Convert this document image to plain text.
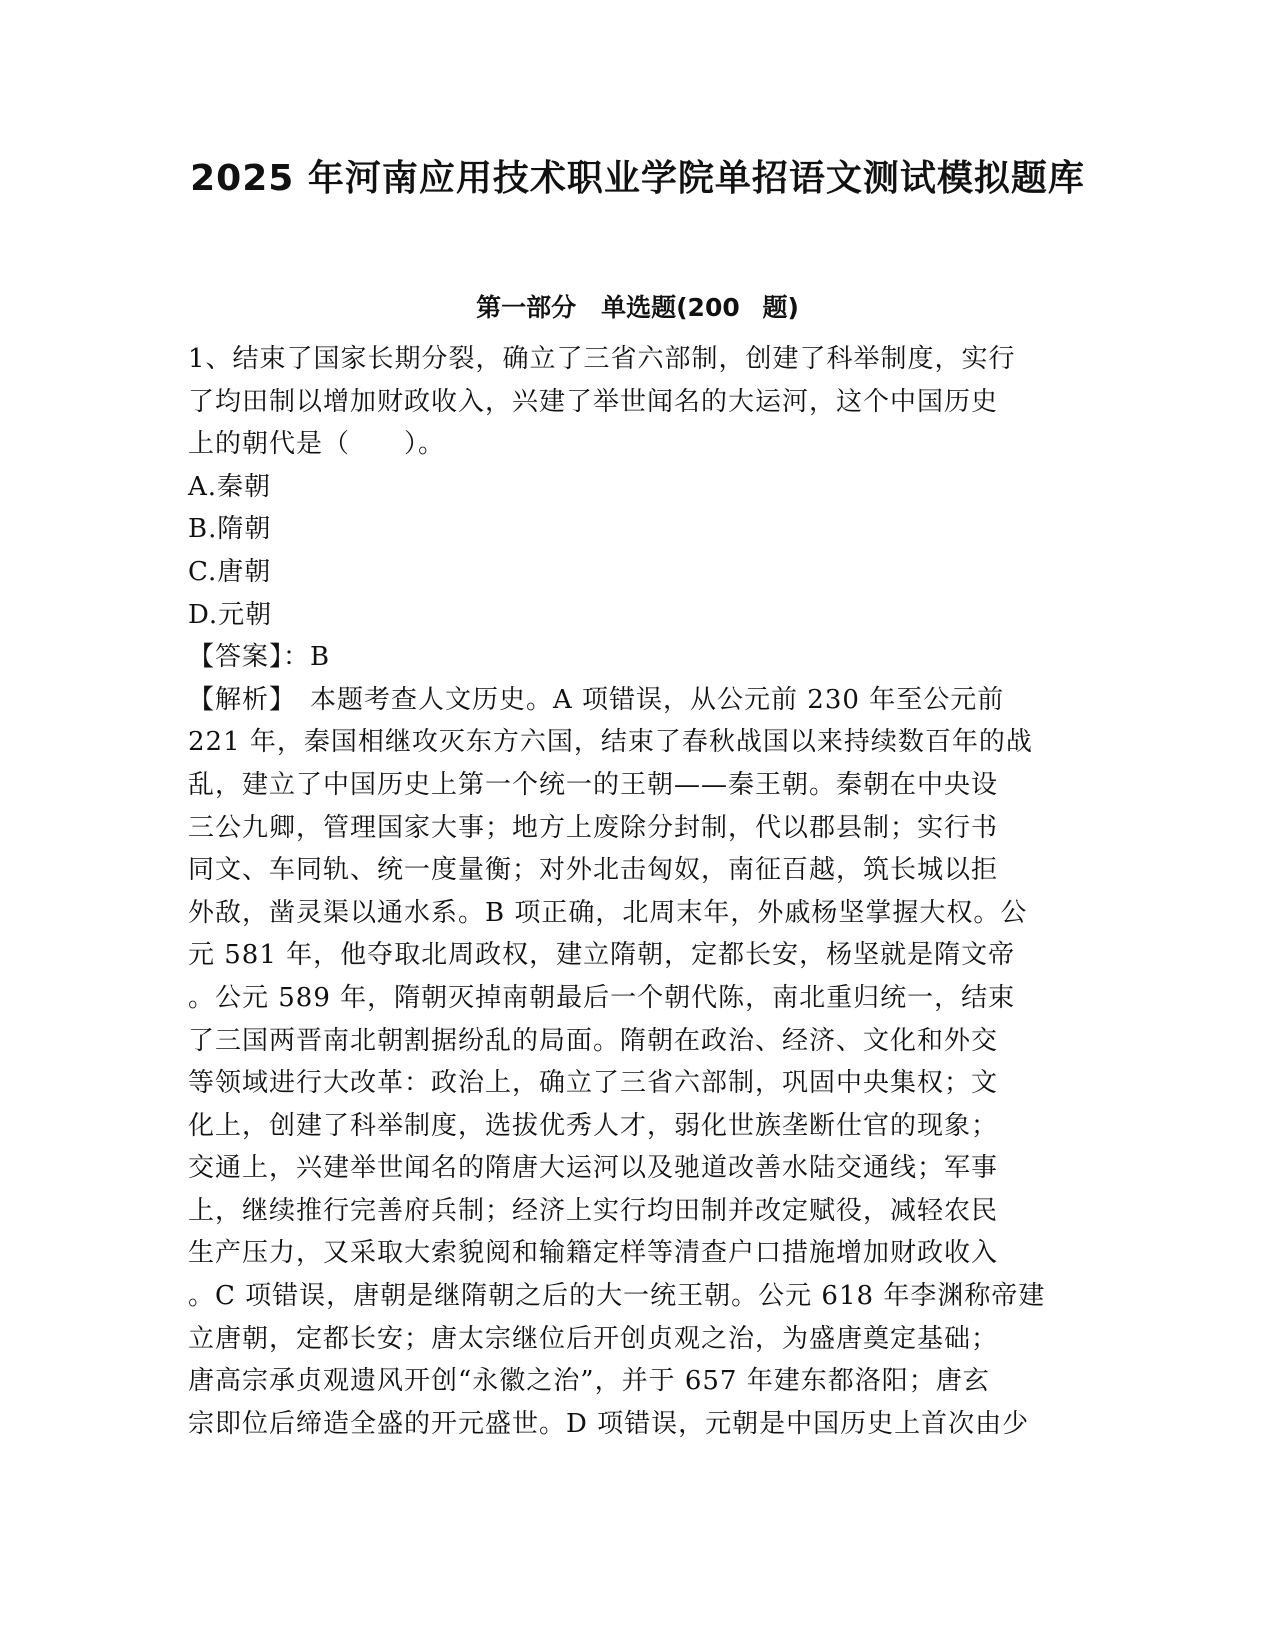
2025 年河南应用技术职业学院单招语文测试模拟题库
第一部分　单选题(200 题)
1、结束了国家长期分裂，确立了三省六部制，创建了科举制度，实行
了均田制以增加财政收入，兴建了举世闻名的大运河，这个中国历史
上的朝代是（　　）。
A.秦朝
B.隋朝
C.唐朝
D.元朝
【答案】：B
【解析】　本题考查人文历史。A 项错误，从公元前 230 年至公元前
221 年，秦国相继攻灭东方六国，结束了春秋战国以来持续数百年的战
乱，建立了中国历史上第一个统一的王朝——秦王朝。秦朝在中央设
三公九卿，管理国家大事；地方上废除分封制，代以郡县制；实行书
同文、车同轨、统一度量衡；对外北击匈奴，南征百越，筑长城以拒
外敌，凿灵渠以通水系。B 项正确，北周末年，外戚杨坚掌握大权。公
元 581 年，他夺取北周政权，建立隋朝，定都长安，杨坚就是隋文帝
。公元 589 年，隋朝灭掉南朝最后一个朝代陈，南北重归统一，结束
了三国两晋南北朝割据纷乱的局面。隋朝在政治、经济、文化和外交
等领域进行大改革：政治上，确立了三省六部制，巩固中央集权；文
化上，创建了科举制度，选拔优秀人才，弱化世族垄断仕官的现象；
交通上，兴建举世闻名的隋唐大运河以及驰道改善水陆交通线；军事
上，继续推行完善府兵制；经济上实行均田制并改定赋役，减轻农民
生产压力，又采取大索貌阅和输籍定样等清查户口措施增加财政收入
。C 项错误，唐朝是继隋朝之后的大一统王朝。公元 618 年李渊称帝建
立唐朝，定都长安；唐太宗继位后开创贞观之治，为盛唐奠定基础；
唐高宗承贞观遗风开创“永徽之治”，并于 657 年建东都洛阳；唐玄
宗即位后缔造全盛的开元盛世。D 项错误，元朝是中国历史上首次由少
